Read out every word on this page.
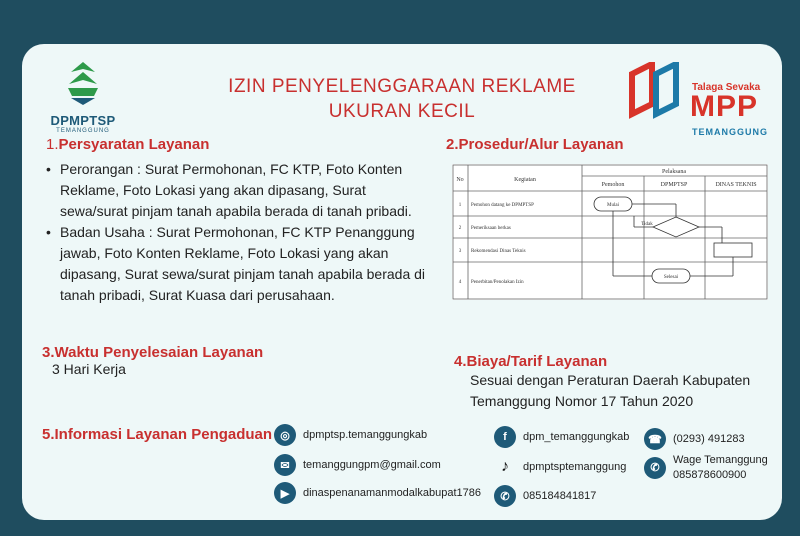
DPMPTSP
TEMANGGUNG
IZIN PENYELENGGARAAN REKLAME
UKURAN KECIL
Talaga Sevaka
MPP
TEMANGGUNG
1.Persyaratan Layanan
• Perorangan : Surat Permohonan, FC KTP, Foto Konten Reklame, Foto Lokasi yang akan dipasang, Surat sewa/surat pinjam tanah apabila berada di tanah pribadi.
• Badan Usaha : Surat Permohonan, FC KTP Penanggung jawab, Foto Konten Reklame, Foto Lokasi yang akan dipasang, Surat sewa/surat pinjam tanah apabila berada di tanah pribadi, Surat Kuasa dari perusahaan.
3.Waktu Penyelesaian Layanan
3 Hari Kerja
2.Prosedur/Alur Layanan
No	Kegiatan
Pelaksana
Pemohon	DPMPTSP	DINAS TEKNIS
1 Pemohon datang ke DPMPTSP
2 Pemeriksaan berkas
3 Rekomendasi Dinas Teknis
4 Penerbitan/Penolakan Izin
Mulai
Tidak
Selesai
4.Biaya/Tarif Layanan
Sesuai dengan Peraturan Daerah Kabupaten Temanggung Nomor 17 Tahun 2020
5.Informasi Layanan Pengaduan ◎	dpmptsp.temanggungkab
✉	temanggungpm@gmail.com
▶	dinaspenanamanmodalkabupat1786
f	dpm_temanggungkab
♪	dpmptsptemanggung
✆	085184841817
☎	(0293) 491283
✆
Wage Temanggung
085878600900
